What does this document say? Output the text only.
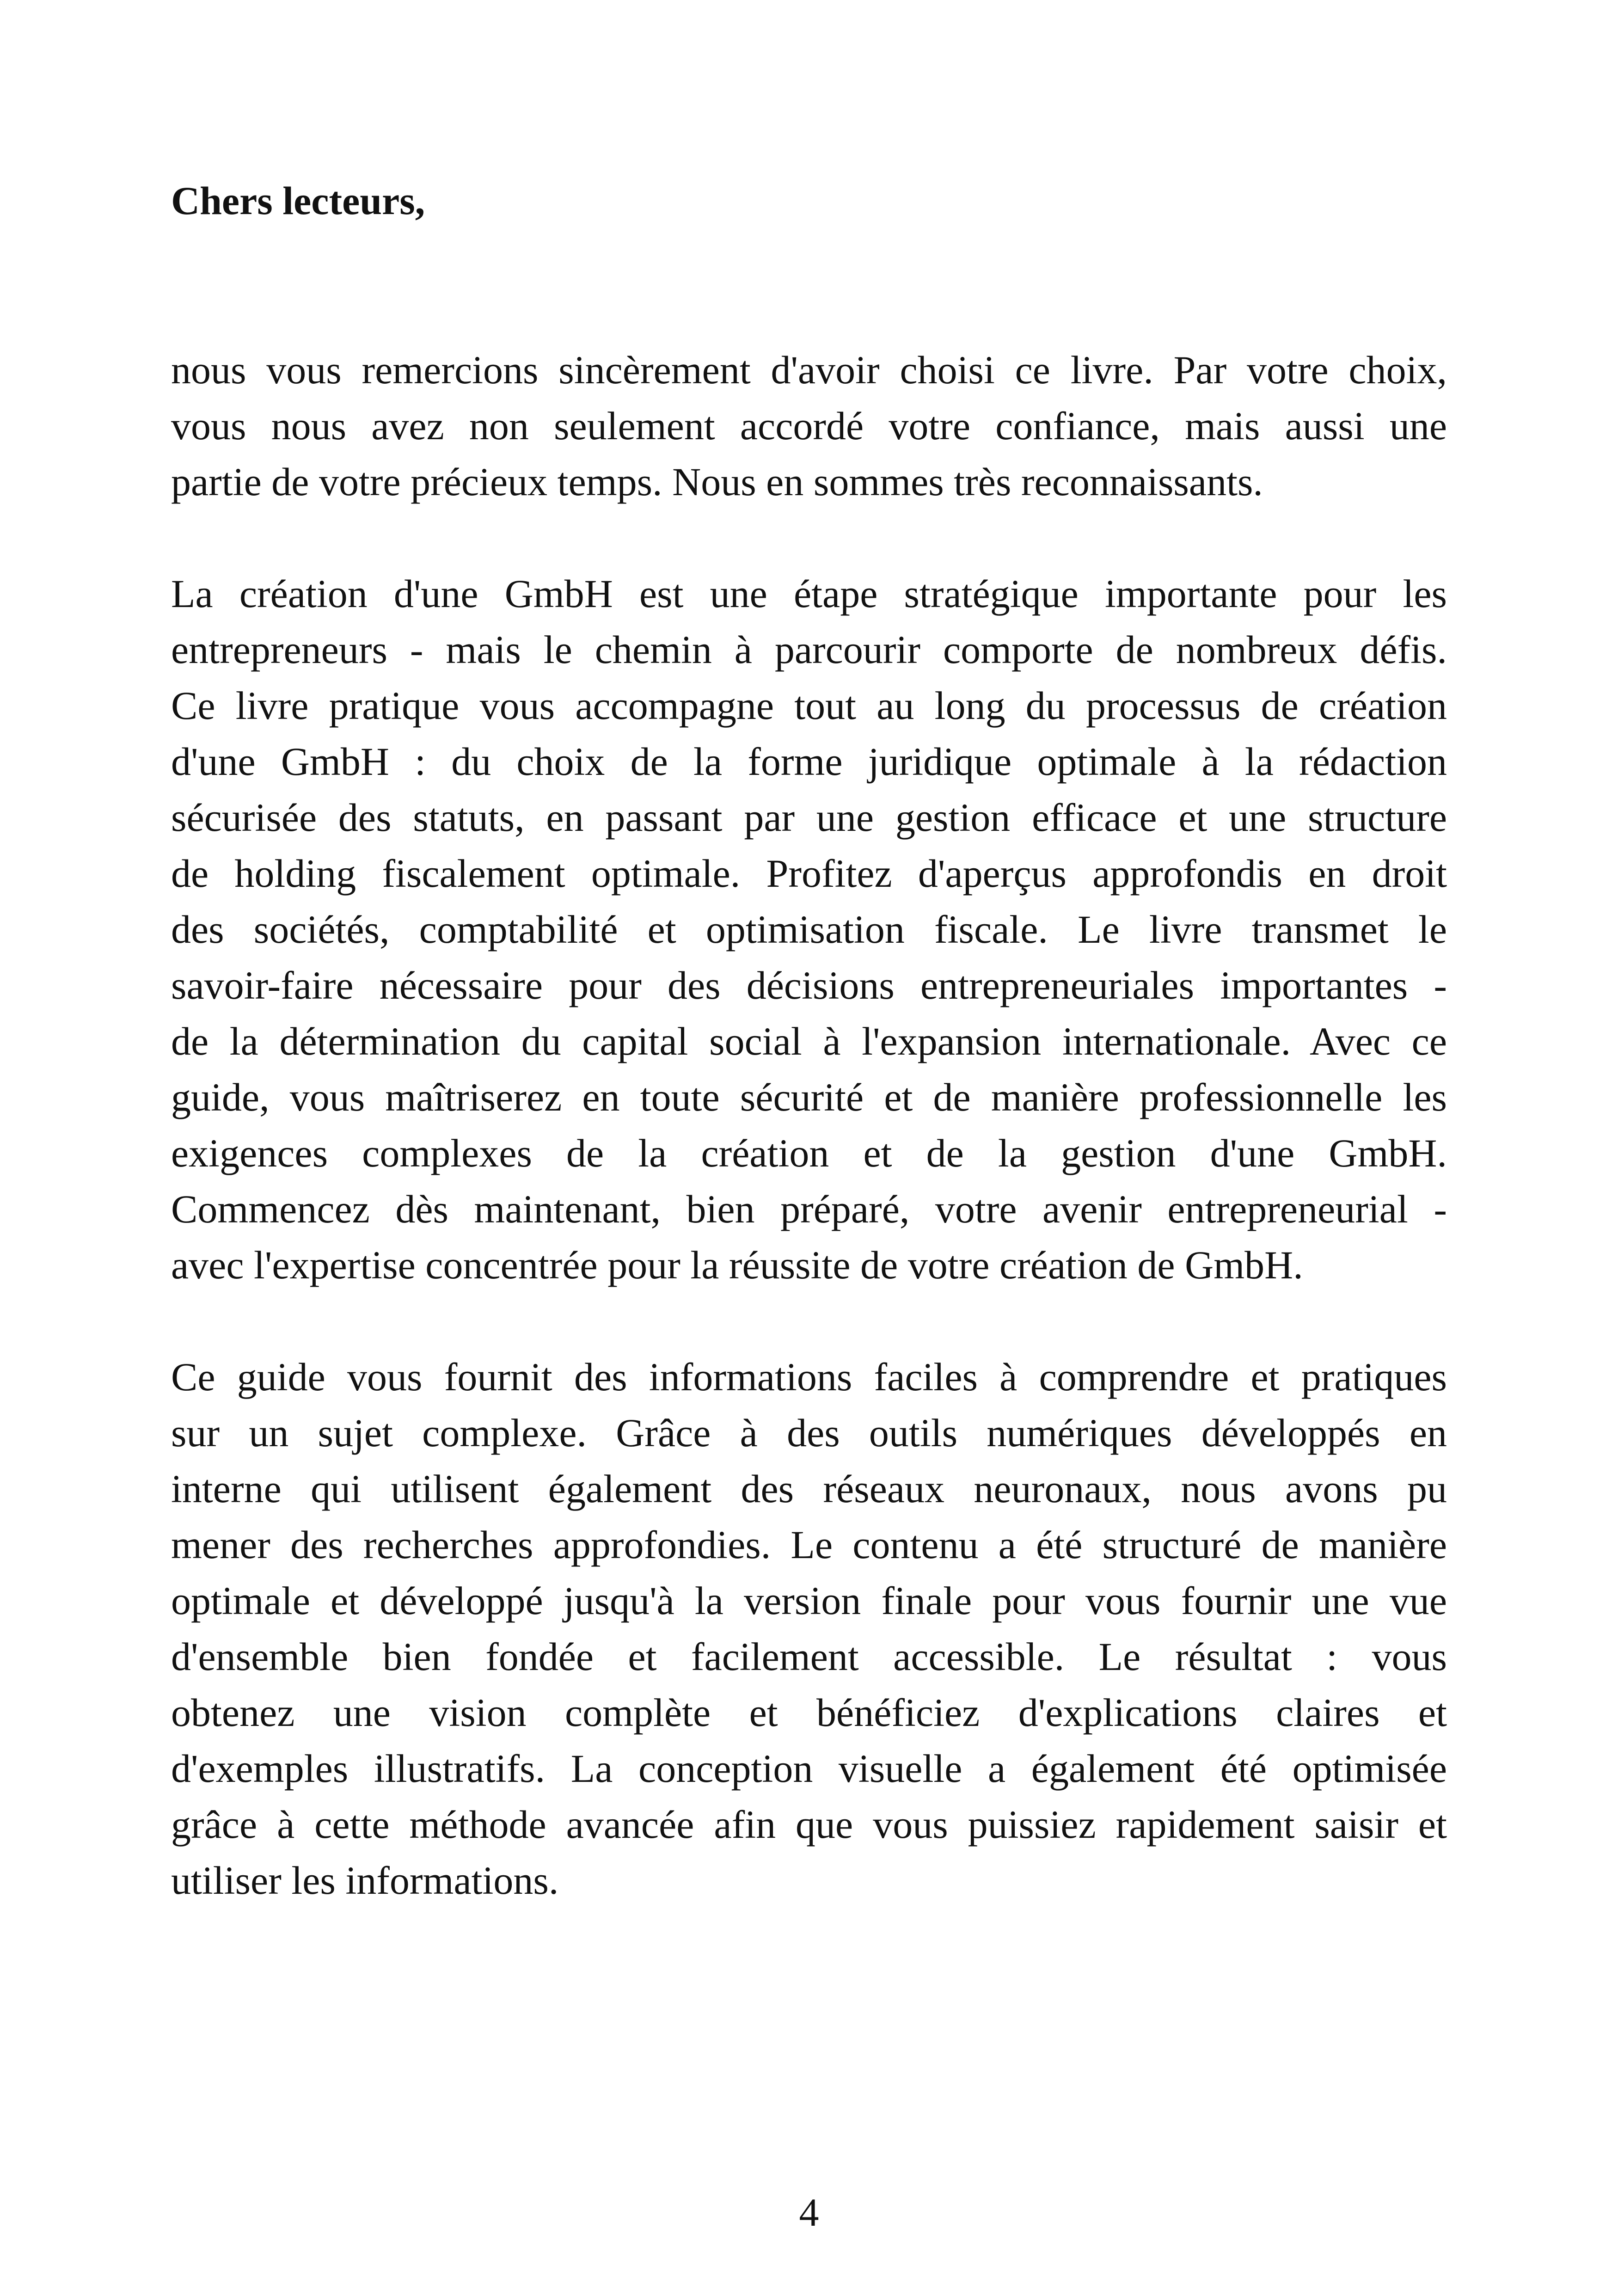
Chers lecteurs,
nous vous remercions sincèrement d'avoir choisi ce livre. Par votre choix,
vous nous avez non seulement accordé votre confiance, mais aussi une
partie de votre précieux temps. Nous en sommes très reconnaissants.
La création d'une GmbH est une étape stratégique importante pour les
entrepreneurs - mais le chemin à parcourir comporte de nombreux défis.
Ce livre pratique vous accompagne tout au long du processus de création
d'une GmbH : du choix de la forme juridique optimale à la rédaction
sécurisée des statuts, en passant par une gestion efficace et une structure
de holding fiscalement optimale. Profitez d'aperçus approfondis en droit
des sociétés, comptabilité et optimisation fiscale. Le livre transmet le
savoir-faire nécessaire pour des décisions entrepreneuriales importantes -
de la détermination du capital social à l'expansion internationale. Avec ce
guide, vous maîtriserez en toute sécurité et de manière professionnelle les
exigences complexes de la création et de la gestion d'une GmbH.
Commencez dès maintenant, bien préparé, votre avenir entrepreneurial -
avec l'expertise concentrée pour la réussite de votre création de GmbH.
Ce guide vous fournit des informations faciles à comprendre et pratiques
sur un sujet complexe. Grâce à des outils numériques développés en
interne qui utilisent également des réseaux neuronaux, nous avons pu
mener des recherches approfondies. Le contenu a été structuré de manière
optimale et développé jusqu'à la version finale pour vous fournir une vue
d'ensemble bien fondée et facilement accessible. Le résultat : vous
obtenez une vision complète et bénéficiez d'explications claires et
d'exemples illustratifs. La conception visuelle a également été optimisée
grâce à cette méthode avancée afin que vous puissiez rapidement saisir et
utiliser les informations.
4
